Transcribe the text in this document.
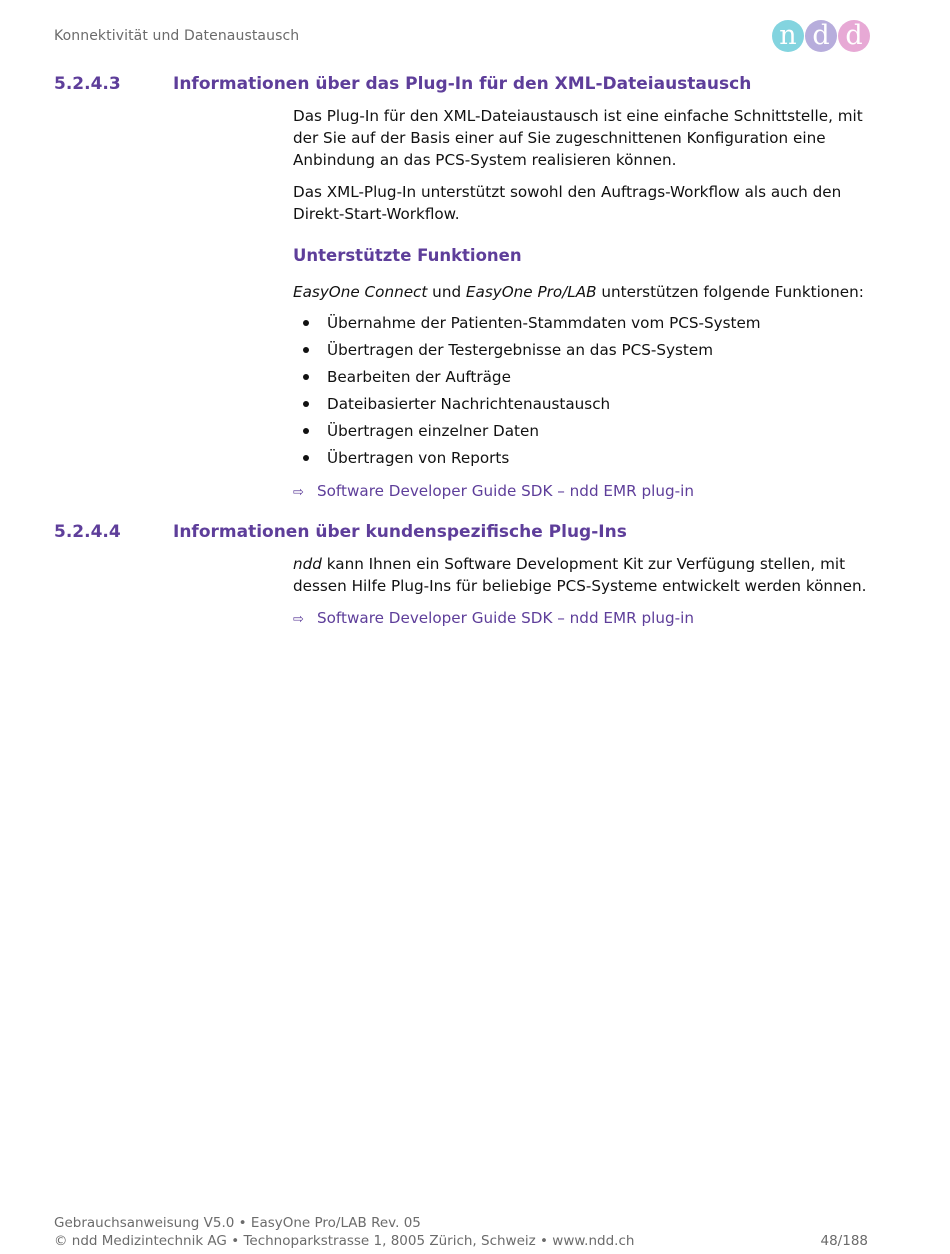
Konnektivität und Datenaustausch	n d d
5.2.4.3	Informationen über das Plug-In für den XML-Dateiaustausch

Das Plug-In für den XML-Dateiaustausch ist eine einfache Schnittstelle, mit der Sie auf der Basis einer auf Sie zugeschnittenen Konfiguration eine Anbindung an das PCS-System realisieren können.

Das XML-Plug-In unterstützt sowohl den Auftrags-Workflow als auch den Direkt-Start-Workflow.

Unterstützte Funktionen
EasyOne Connect und EasyOne Pro/LAB unterstützen folgende Funktionen:
Übernahme der Patienten-Stammdaten vom PCS-System
Übertragen der Testergebnisse an das PCS-System
Bearbeiten der Aufträge
Dateibasierter Nachrichtenaustausch
Übertragen einzelner Daten
Übertragen von Reports
⇨ Software Developer Guide SDK – ndd EMR plug-in
5.2.4.4	Informationen über kundenspezifische Plug-Ins

ndd kann Ihnen ein Software Development Kit zur Verfügung stellen, mit dessen Hilfe Plug-Ins für beliebige PCS-Systeme entwickelt werden können.

⇨ Software Developer Guide SDK – ndd EMR plug-in
Gebrauchsanweisung V5.0 • EasyOne Pro/LAB Rev. 05
© ndd Medizintechnik AG • Technoparkstrasse 1, 8005 Zürich, Schweiz • www.ndd.ch	48/188
